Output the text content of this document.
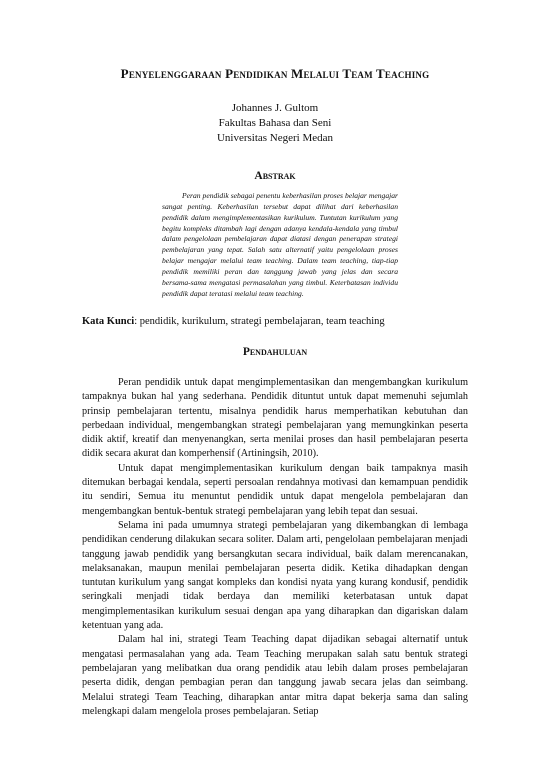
Penyelenggaraan Pendidikan Melalui Team Teaching
Johannes J. Gultom
Fakultas Bahasa dan Seni
Universitas Negeri Medan
Abstrak
Peran pendidik sebagai penentu keberhasilan proses belajar mengajar sangat penting. Keberhasilan tersebut dapat dilihat dari keberhasilan pendidik dalam mengimplementasikan kurikulum. Tuntutan kurikulum yang begitu kompleks ditambah lagi dengan adanya kendala-kendala yang timbul dalam pengelolaan pembelajaran dapat diatasi dengan penerapan strategi pembelajaran yang tepat. Salah satu alternatif yaitu pengelolaan proses belajar mengajar melalui team teaching. Dalam team teaching, tiap-tiap pendidik memiliki peran dan tanggung jawab yang jelas dan secara bersama-sama mengatasi permasalahan yang timbul. Keterbatasan individu pendidik dapat teratasi melalui team teaching.
Kata Kunci: pendidik, kurikulum, strategi pembelajaran, team teaching
Pendahuluan

Peran pendidik untuk dapat mengimplementasikan dan mengembangkan kurikulum tampaknya bukan hal yang sederhana. Pendidik dituntut untuk dapat memenuhi sejumlah prinsip pembelajaran tertentu, misalnya pendidik harus memperhatikan kebutuhan dan perbedaan individual, mengembangkan strategi pembelajaran yang memungkinkan peserta didik aktif, kreatif dan menyenangkan, serta menilai proses dan hasil pembelajaran peserta didik secara akurat dan komperhensif (Artiningsih, 2010).

Untuk dapat mengimplementasikan kurikulum dengan baik tampaknya masih ditemukan berbagai kendala, seperti persoalan rendahnya motivasi dan kemampuan pendidik itu sendiri, Semua itu menuntut pendidik untuk dapat mengelola pembelajaran dan mengembangkan bentuk-bentuk strategi pembelajaran yang lebih tepat dan sesuai.

Selama ini pada umumnya strategi pembelajaran yang dikembangkan di lembaga pendidikan cenderung dilakukan secara soliter. Dalam arti, pengelolaan pembelajaran menjadi tanggung jawab pendidik yang bersangkutan secara individual, baik dalam merencanakan, melaksanakan, maupun menilai pembelajaran peserta didik. Ketika dihadapkan dengan tuntutan kurikulum yang sangat kompleks dan kondisi nyata yang kurang kondusif, pendidik seringkali menjadi tidak berdaya dan memiliki keterbatasan untuk dapat mengimplementasikan kurikulum sesuai dengan apa yang diharapkan dan digariskan dalam ketentuan yang ada.

Dalam hal ini, strategi Team Teaching dapat dijadikan sebagai alternatif untuk mengatasi permasalahan yang ada. Team Teaching merupakan salah satu bentuk strategi pembelajaran yang melibatkan dua orang pendidik atau lebih dalam proses pembelajaran peserta didik, dengan pembagian peran dan tanggung jawab secara jelas dan seimbang. Melalui strategi Team Teaching, diharapkan antar mitra dapat bekerja sama dan saling melengkapi dalam mengelola proses pembelajaran. Setiap
